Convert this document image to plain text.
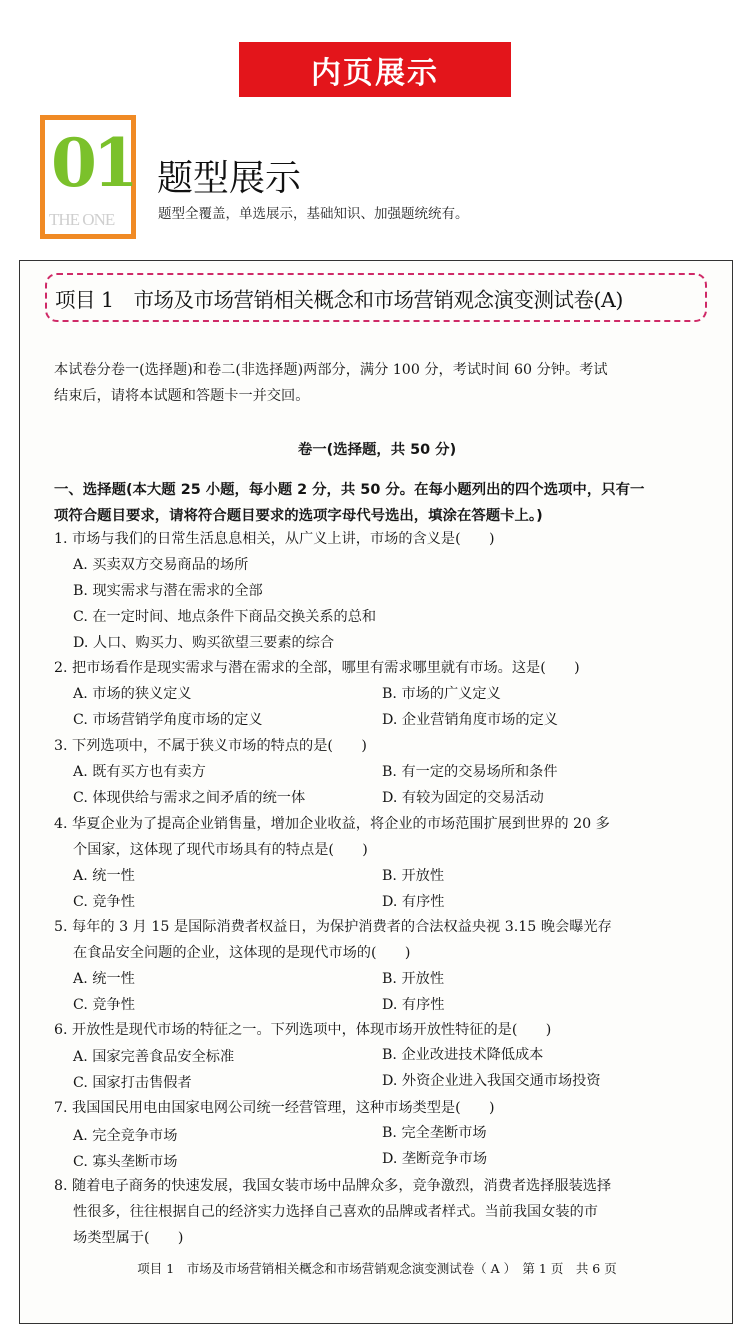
内页展示
01
THE ONE
题型展示
题型全覆盖，单选展示，基础知识、加强题统统有。
项目 1　市场及市场营销相关概念和市场营销观念演变测试卷(A)
本试卷分卷一(选择题)和卷二(非选择题)两部分，满分 100 分，考试时间 60 分钟。考试
结束后，请将本试题和答题卡一并交回。
卷一(选择题，共 50 分)
一、选择题(本大题 25 小题，每小题 2 分，共 50 分。在每小题列出的四个选项中，只有一
项符合题目要求，请将符合题目要求的选项字母代号选出，填涂在答题卡上。)
1. 市场与我们的日常生活息息相关，从广义上讲，市场的含义是(　　)
A. 买卖双方交易商品的场所
B. 现实需求与潜在需求的全部
C. 在一定时间、地点条件下商品交换关系的总和
D. 人口、购买力、购买欲望三要素的综合
2. 把市场看作是现实需求与潜在需求的全部，哪里有需求哪里就有市场。这是(　　)
A. 市场的狭义定义	B. 市场的广义定义
C. 市场营销学角度市场的定义	D. 企业营销角度市场的定义
3. 下列选项中，不属于狭义市场的特点的是(　　)
A. 既有买方也有卖方	B. 有一定的交易场所和条件
C. 体现供给与需求之间矛盾的统一体	D. 有较为固定的交易活动
4. 华夏企业为了提高企业销售量，增加企业收益，将企业的市场范围扩展到世界的 20 多
个国家，这体现了现代市场具有的特点是(　　)
A. 统一性	B. 开放性
C. 竞争性	D. 有序性
5. 每年的 3 月 15 是国际消费者权益日，为保护消费者的合法权益央视 3.15 晚会曝光存
在食品安全问题的企业，这体现的是现代市场的(　　)
A. 统一性	B. 开放性
C. 竞争性	D. 有序性
6. 开放性是现代市场的特征之一。下列选项中，体现市场开放性特征的是(　　)
A. 国家完善食品安全标准	B. 企业改进技术降低成本
C. 国家打击售假者	D. 外资企业进入我国交通市场投资
7. 我国国民用电由国家电网公司统一经营管理，这种市场类型是(　　)
A. 完全竞争市场	B. 完全垄断市场
C. 寡头垄断市场	D. 垄断竞争市场
8. 随着电子商务的快速发展，我国女装市场中品牌众多，竞争激烈，消费者选择服装选择
性很多，往往根据自己的经济实力选择自己喜欢的品牌或者样式。当前我国女装的市
场类型属于(　　)
项目 1　市场及市场营销相关概念和市场营销观念演变测试卷（ A ）　第 1 页　共 6 页
